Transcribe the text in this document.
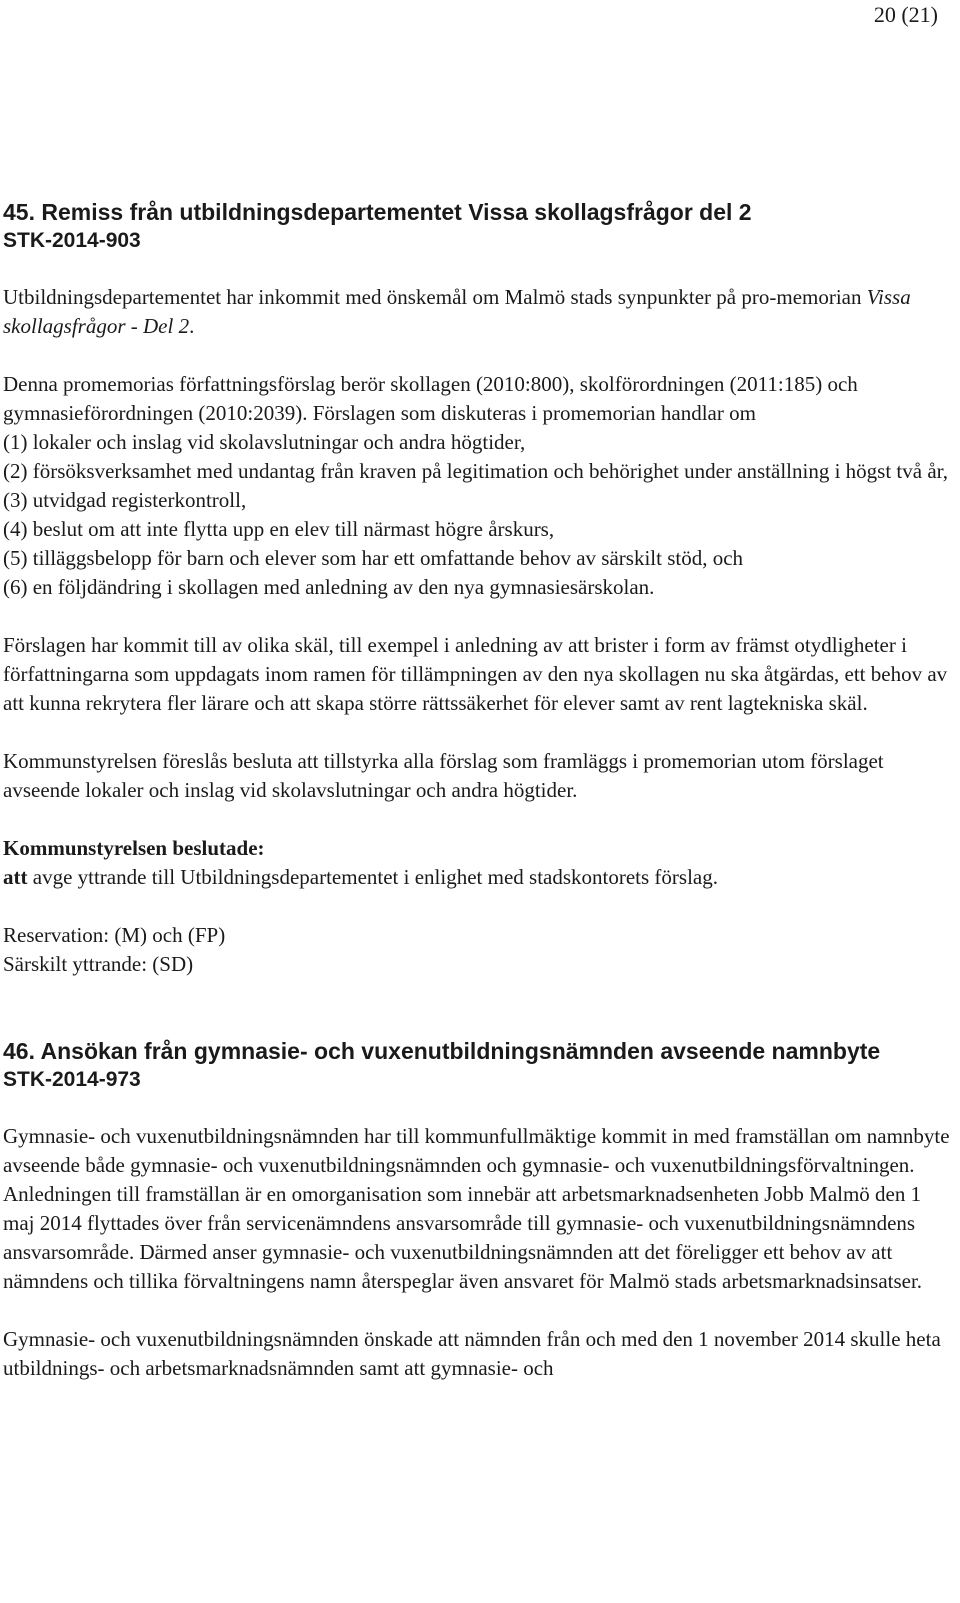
20 (21)
45. Remiss från utbildningsdepartementet Vissa skollagsfrågor del 2
STK-2014-903

Utbildningsdepartementet har inkommit med önskemål om Malmö stads synpunkter på pro-memorian Vissa skollagsfrågor - Del 2.

Denna promemorias författningsförslag berör skollagen (2010:800), skolförordningen (2011:185) och gymnasieförordningen (2010:2039). Förslagen som diskuteras i promemorian handlar om

(1) lokaler och inslag vid skolavslutningar och andra högtider,

(2) försöksverksamhet med undantag från kraven på legitimation och behörighet under anställning i högst två år,

(3) utvidgad registerkontroll,

(4) beslut om att inte flytta upp en elev till närmast högre årskurs,

(5) tilläggsbelopp för barn och elever som har ett omfattande behov av särskilt stöd, och

(6) en följdändring i skollagen med anledning av den nya gymnasiesärskolan.

Förslagen har kommit till av olika skäl, till exempel i anledning av att brister i form av främst otydligheter i författningarna som uppdagats inom ramen för tillämpningen av den nya skollagen nu ska åtgärdas, ett behov av att kunna rekrytera fler lärare och att skapa större rättssäkerhet för elever samt av rent lagtekniska skäl.

Kommunstyrelsen föreslås besluta att tillstyrka alla förslag som framläggs i promemorian utom förslaget avseende lokaler och inslag vid skolavslutningar och andra högtider.

Kommunstyrelsen beslutade:

att avge yttrande till Utbildningsdepartementet i enlighet med stadskontorets förslag.

Reservation: (M) och (FP)

Särskilt yttrande: (SD)

46. Ansökan från gymnasie- och vuxenutbildningsnämnden avseende namnbyte
STK-2014-973

Gymnasie- och vuxenutbildningsnämnden har till kommunfullmäktige kommit in med framställan om namnbyte avseende både gymnasie- och vuxenutbildningsnämnden och gymnasie- och vuxenutbildningsförvaltningen. Anledningen till framställan är en omorganisation som innebär att arbetsmarknadsenheten Jobb Malmö den 1 maj 2014 flyttades över från servicenämndens ansvarsområde till gymnasie- och vuxenutbildningsnämndens ansvarsområde. Därmed anser gymnasie- och vuxenutbildningsnämnden att det föreligger ett behov av att nämndens och tillika förvaltningens namn återspeglar även ansvaret för Malmö stads arbetsmarknadsinsatser.

Gymnasie- och vuxenutbildningsnämnden önskade att nämnden från och med den 1 november 2014 skulle heta utbildnings- och arbetsmarknadsnämnden samt att gymnasie- och
